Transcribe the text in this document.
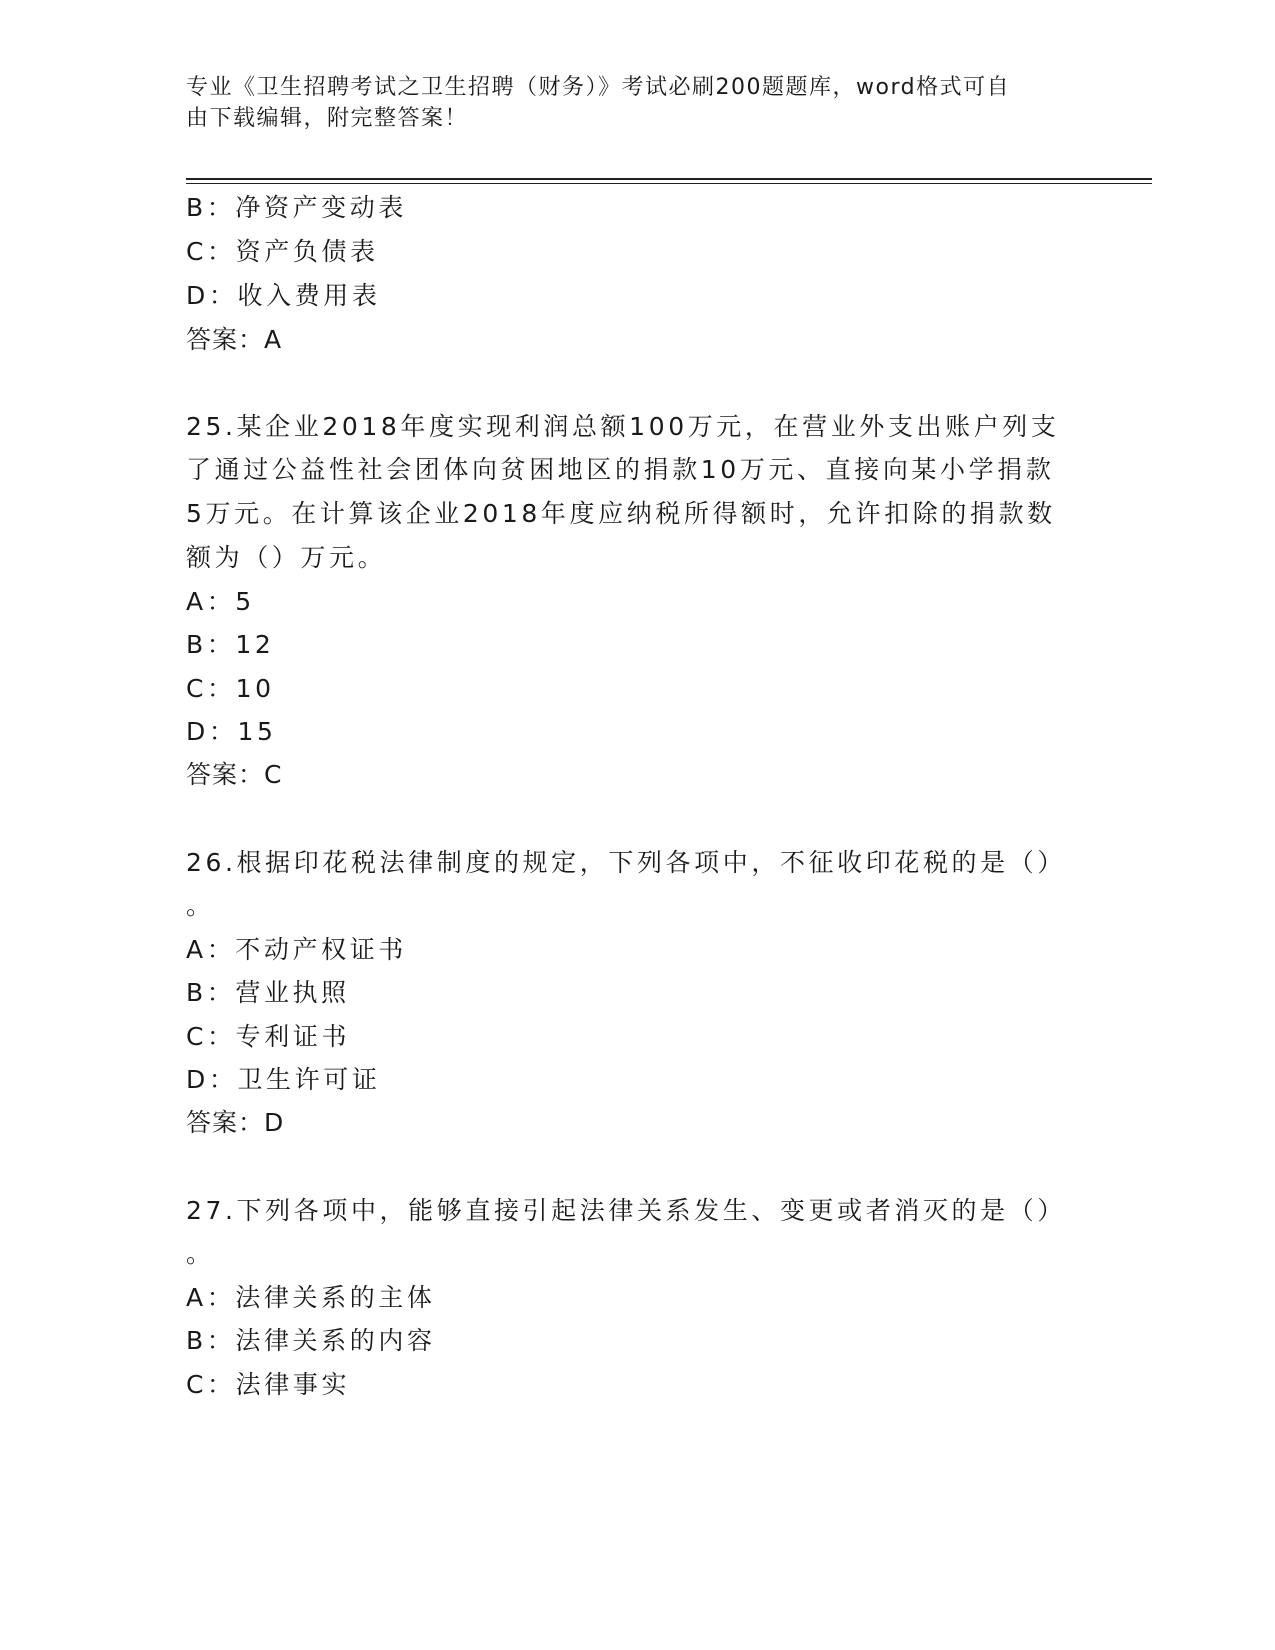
专业《卫生招聘考试之卫生招聘（财务）》考试必刷200题题库，word格式可自
由下载编辑，附完整答案！
B：净资产变动表
C：资产负债表
D：收入费用表
答案：A
25.某企业2018年度实现利润总额100万元，在营业外支出账户列支
了通过公益性社会团体向贫困地区的捐款10万元、直接向某小学捐款
5万元。在计算该企业2018年度应纳税所得额时，允许扣除的捐款数
额为（）万元。
A：5
B：12
C：10
D：15
答案：C
26.根据印花税法律制度的规定，下列各项中，不征收印花税的是（）
。
A：不动产权证书
B：营业执照
C：专利证书
D：卫生许可证
答案：D
27.下列各项中，能够直接引起法律关系发生、变更或者消灭的是（）
。
A：法律关系的主体
B：法律关系的内容
C：法律事实
